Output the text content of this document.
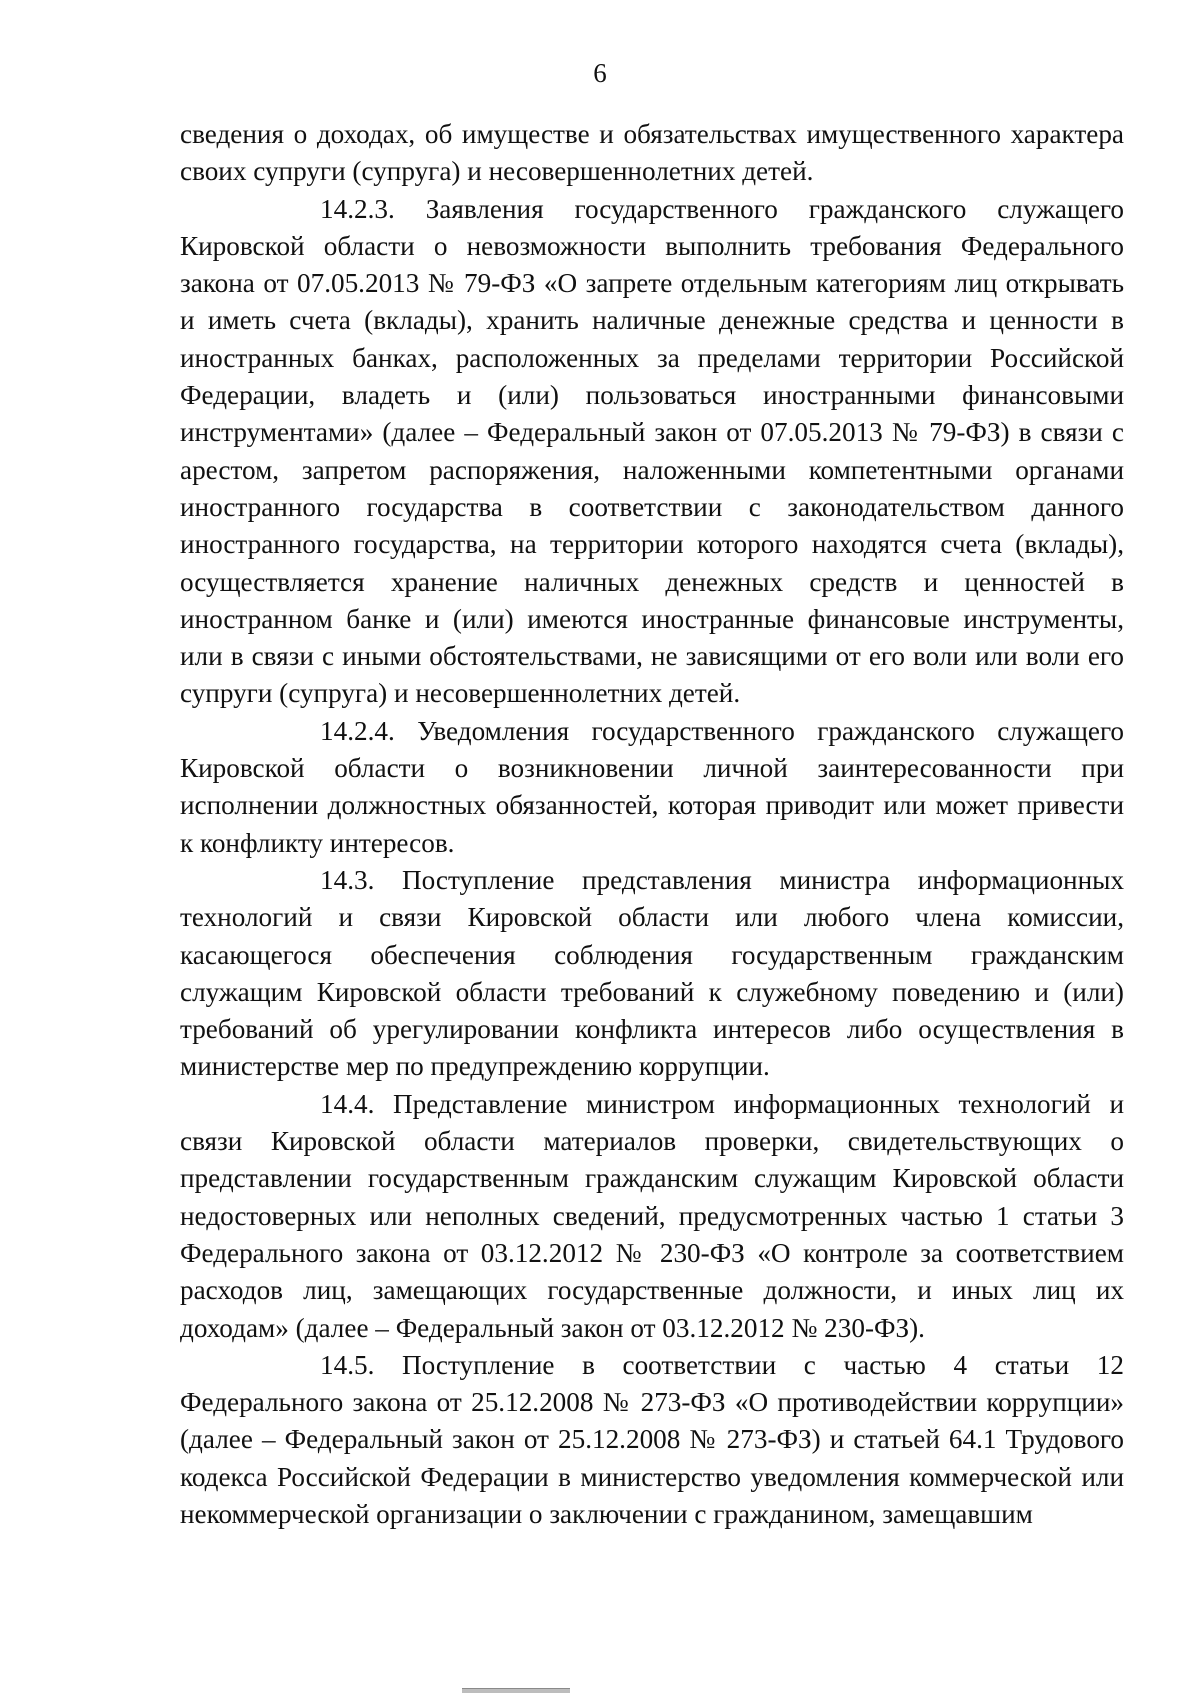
6

сведения о доходах, об имуществе и обязательствах имущественного характера своих супруги (супруга) и несовершеннолетних детей.

14.2.3. Заявления государственного гражданского служащего Кировской области о невозможности выполнить требования Федерального закона от 07.05.2013 № 79-ФЗ «О запрете отдельным категориям лиц открывать и иметь счета (вклады), хранить наличные денежные средства и ценности в иностранных банках, расположенных за пределами территории Российской Федерации, владеть и (или) пользоваться иностранными финансовыми инструментами» (далее – Федеральный закон от 07.05.2013 № 79-ФЗ) в связи с арестом, запретом распоряжения, наложенными компетентными органами иностранного государства в соответствии с законодательством данного иностранного государства, на территории которого находятся счета (вклады), осуществляется хранение наличных денежных средств и ценностей в иностранном банке и (или) имеются иностранные финансовые инструменты, или в связи с иными обстоятельствами, не зависящими от его воли или воли его супруги (супруга) и несовершеннолетних детей.

14.2.4. Уведомления государственного гражданского служащего Кировской области о возникновении личной заинтересованности при исполнении должностных обязанностей, которая приводит или может привести к конфликту интересов.

14.3. Поступление представления министра информационных технологий и связи Кировской области или любого члена комиссии, касающегося обеспечения соблюдения государственным гражданским служащим Кировской области требований к служебному поведению и (или) требований об урегулировании конфликта интересов либо осуществления в министерстве мер по предупреждению коррупции.

14.4. Представление министром информационных технологий и связи Кировской области материалов проверки, свидетельствующих о представлении государственным гражданским служащим Кировской области недостоверных или неполных сведений, предусмотренных частью 1 статьи 3 Федерального закона от 03.12.2012 № 230-ФЗ «О контроле за соответствием расходов лиц, замещающих государственные должности, и иных лиц их доходам» (далее – Федеральный закон от 03.12.2012 № 230-ФЗ).

14.5. Поступление в соответствии с частью 4 статьи 12 Федерального закона от 25.12.2008 № 273-ФЗ «О противодействии коррупции» (далее – Федеральный закон от 25.12.2008 № 273-ФЗ) и статьей 64.1 Трудового кодекса Российской Федерации в министерство уведомления коммерческой или некоммерческой организации о заключении с гражданином, замещавшим
